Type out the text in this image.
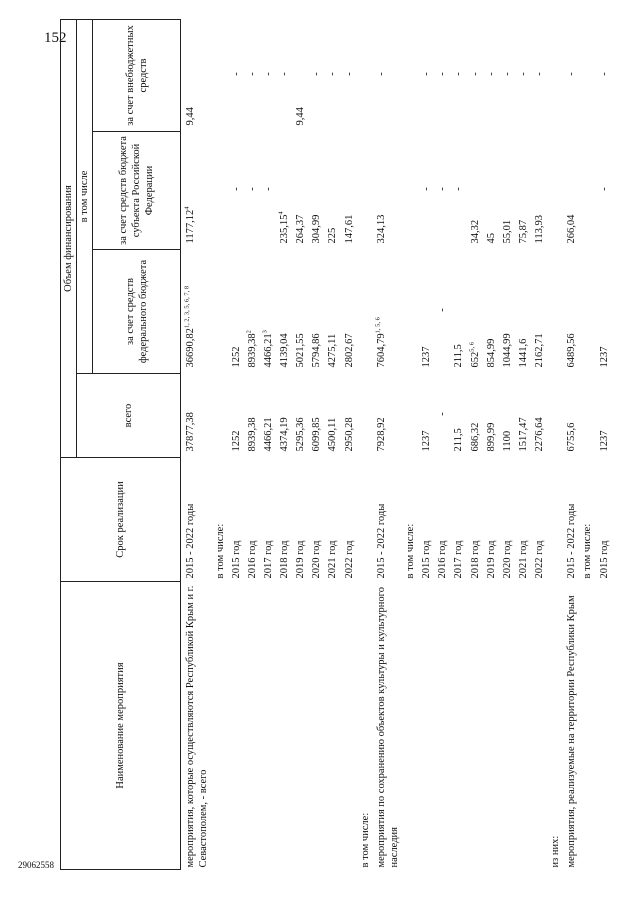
152
29062558
Наименование мероприятия	Срок реализации	Объем финансирования			
		всего	в том числе		
			за счет средств федерального бюджета	за счет средств бюджета субъекта Российской Федерации	за счет внебюджетных средств
мероприятия, которые осуществляются Республикой Крым и г. Севастополем, - всего	2015 - 2022 годы	37877,38	36690,82$^{1, 2, 3, 5, 6, 7, 8}$	1177,12$^4$	9,44
	в том числе:				
	2015 год	1252	1252	-	-
	2016 год	8939,38	8939,38$^2$	-	-
	2017 год	4466,21	4466,21$^3$	-	-
	2018 год	4374,19	4139,04	235,15$^4$	-
	2019 год	5295,36	5021,55	264,37	9,44
	2020 год	6099,85	5794,86	304,99	-
	2021 год	4500,11	4275,11	225	-
	2022 год	2950,28	2802,67	147,61	-
в том числе:					
мероприятия по сохранению объектов культуры и культурного наследия	2015 - 2022 годы	7928,92	7604,79$^{1, 5, 6}$	324,13	-
	в том числе:				
	2015 год	1237	1237	-	-
	2016 год	-	-	-	-
	2017 год	211,5	211,5	-	-
	2018 год	686,32	652$^{5, 6}$	34,32	-
	2019 год	899,99	854,99	45	-
	2020 год	1100	1044,99	55,01	-
	2021 год	1517,47	1441,6	75,87	-
	2022 год	2276,64	2162,71	113,93	-
из них:					
мероприятия, реализуемые на территории Республики Крым	2015 - 2022 годы	6755,6	6489,56	266,04	-
	в том числе:				
	2015 год	1237	1237	-	-
